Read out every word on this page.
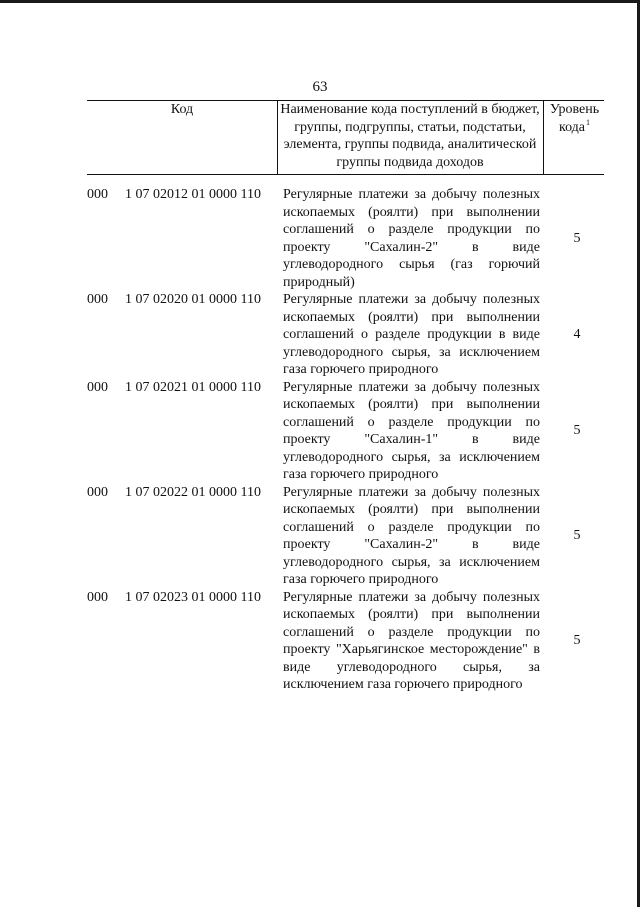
63
Код	Наименование кода поступлений в бюджет, группы, подгруппы, статьи, подстатьи, элемента, группы подвида, аналитической группы подвида доходов
Уровень кода$^1$
000 1 07 02012 01 0000 110 Регулярные платежи за добычу полезных ископаемых (роялти) при выполнении соглашений о разделе продукции по проекту "Сахалин-2" в виде углеводородного сырья (газ горючий природный)
5
000 1 07 02020 01 0000 110 Регулярные платежи за добычу полезных ископаемых (роялти) при выполнении соглашений о разделе продукции в виде углеводородного сырья, за исключением газа горючего природного
4
000 1 07 02021 01 0000 110 Регулярные платежи за добычу полезных ископаемых (роялти) при выполнении соглашений о разделе продукции по проекту "Сахалин-1" в виде углеводородного сырья, за исключением газа горючего природного
5
000 1 07 02022 01 0000 110 Регулярные платежи за добычу полезных ископаемых (роялти) при выполнении соглашений о разделе продукции по проекту "Сахалин-2" в виде углеводородного сырья, за исключением газа горючего природного
5
000 1 07 02023 01 0000 110 Регулярные платежи за добычу полезных ископаемых (роялти) при выполнении соглашений о разделе продукции по проекту "Харьягинское месторождение" в виде углеводородного сырья, за исключением газа горючего природного
5
